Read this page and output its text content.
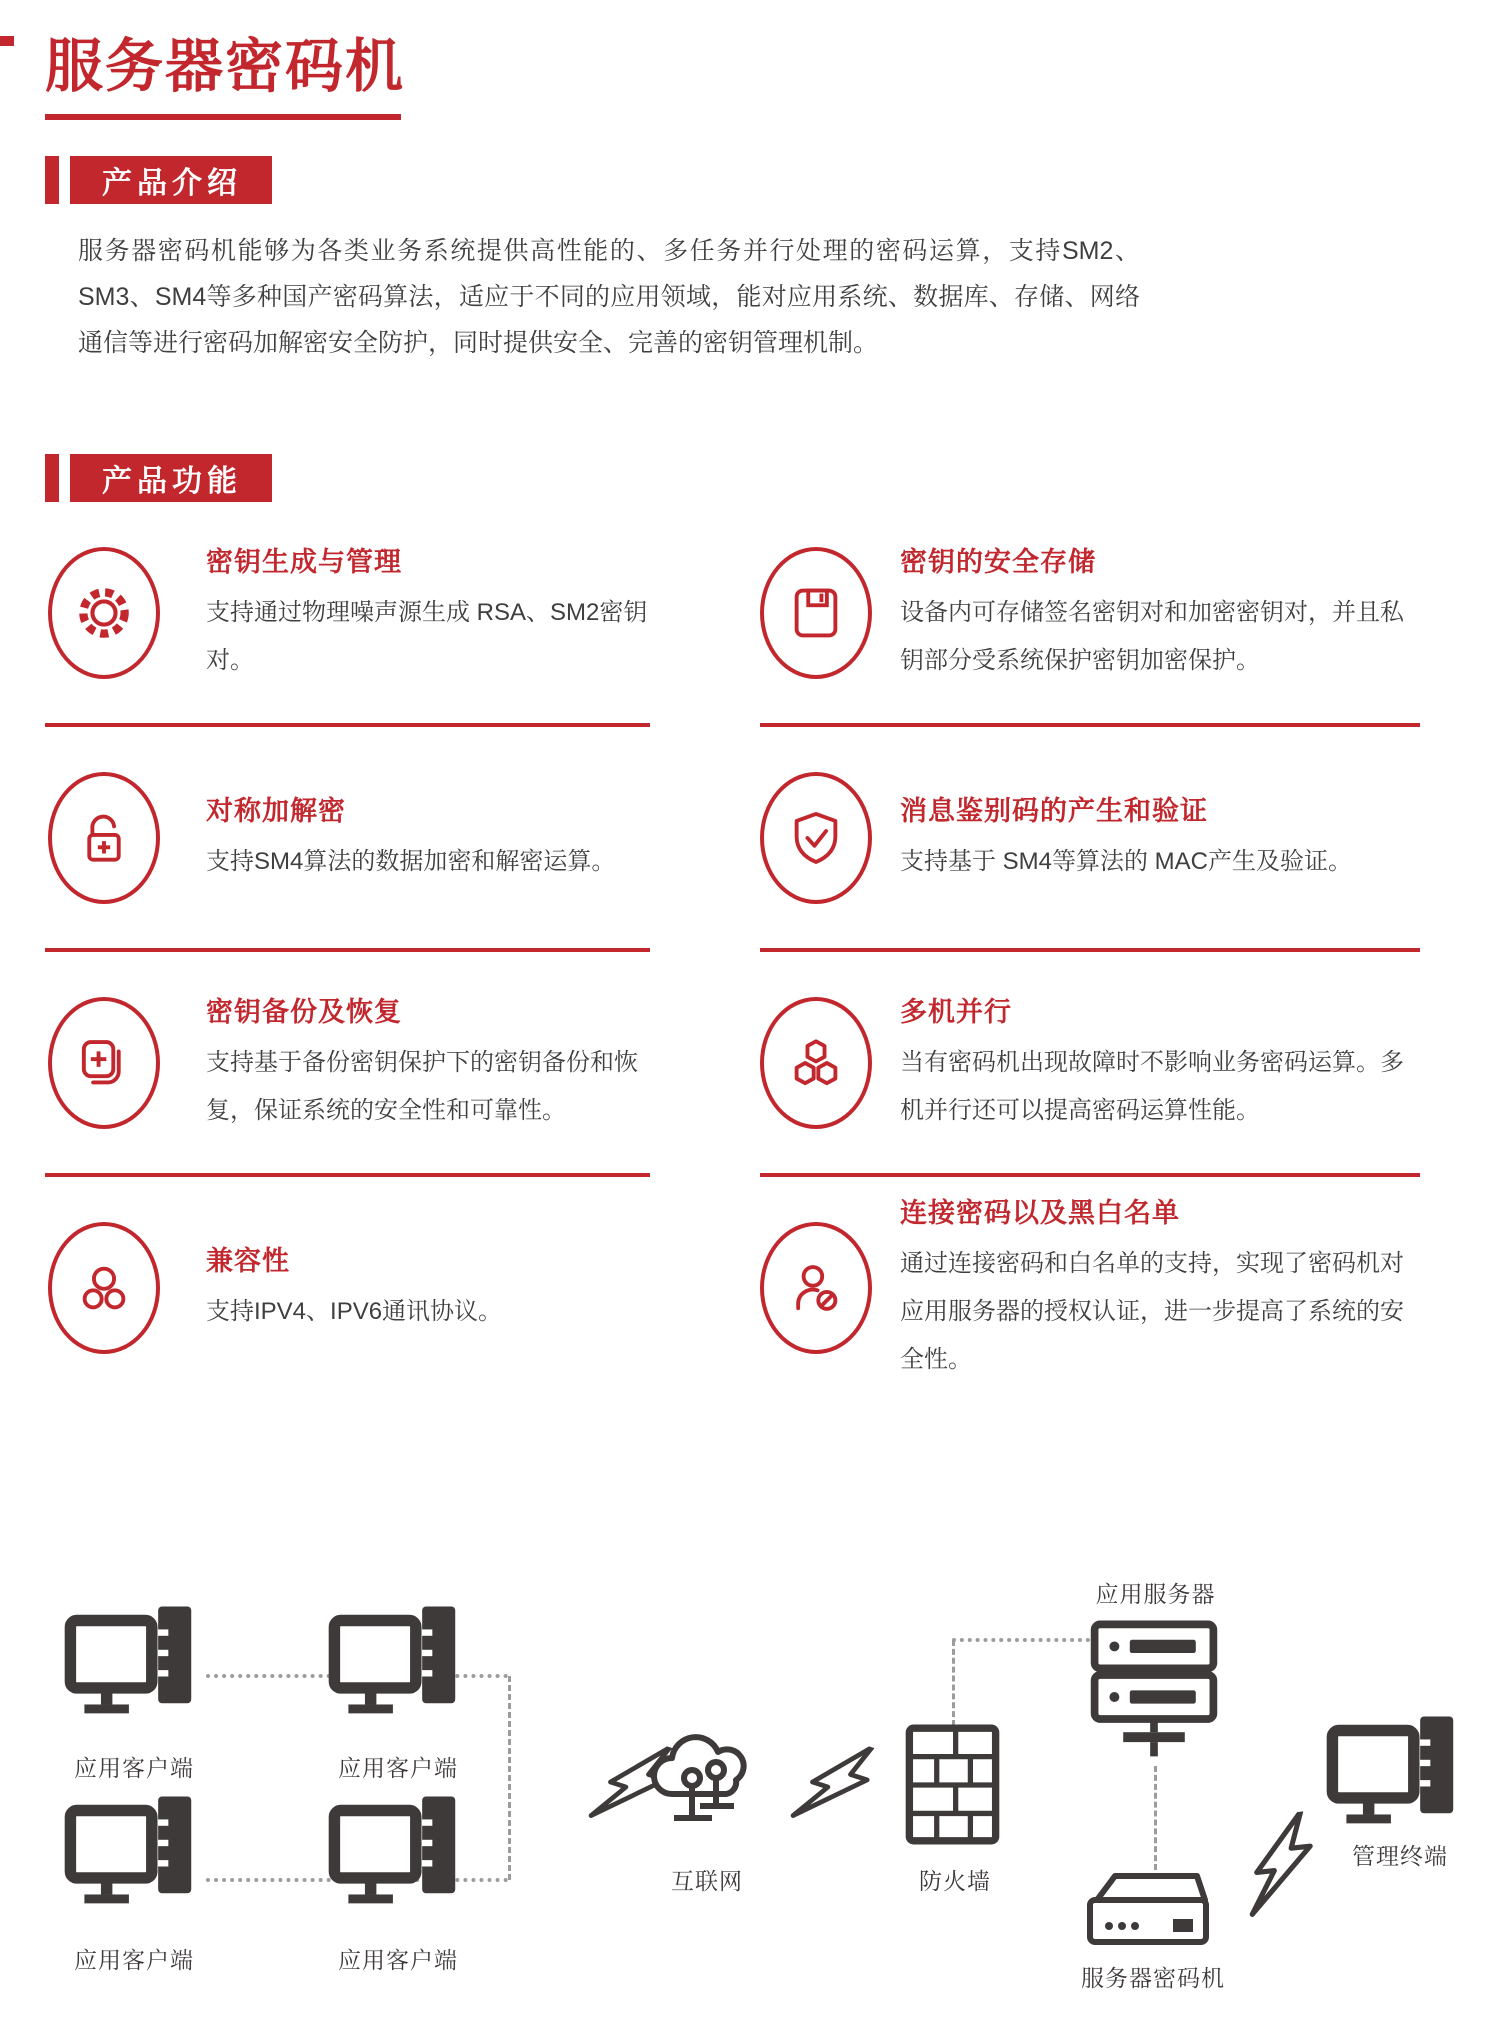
服务器密码机
产品介绍

服务器密码机能够为各类业务系统提供高性能的、多任务并行处理的密码运算，支持SM2、SM3、SM4等多种国产密码算法，适应于不同的应用领域，能对应用系统、数据库、存储、网络通信等进行密码加解密安全防护，同时提供安全、完善的密钥管理机制。

产品功能
密钥生成与管理
支持通过物理噪声源生成 RSA、SM2密钥对。
密钥的安全存储
设备内可存储签名密钥对和加密密钥对，并且私钥部分受系统保护密钥加密保护。
对称加解密
支持SM4算法的数据加密和解密运算。
消息鉴别码的产生和验证
支持基于 SM4等算法的 MAC产生及验证。
密钥备份及恢复
支持基于备份密钥保护下的密钥备份和恢复，保证系统的安全性和可靠性。
多机并行
当有密码机出现故障时不影响业务密码运算。多机并行还可以提高密码运算性能。
兼容性
支持IPV4、IPV6通讯协议。
连接密码以及黑白名单
通过连接密码和白名单的支持，实现了密码机对应用服务器的授权认证，进一步提高了系统的安全性。
应用客户端	应用客户端
应用客户端	应用客户端
互联网	防火墙
应用服务器
服务器密码机
管理终端
